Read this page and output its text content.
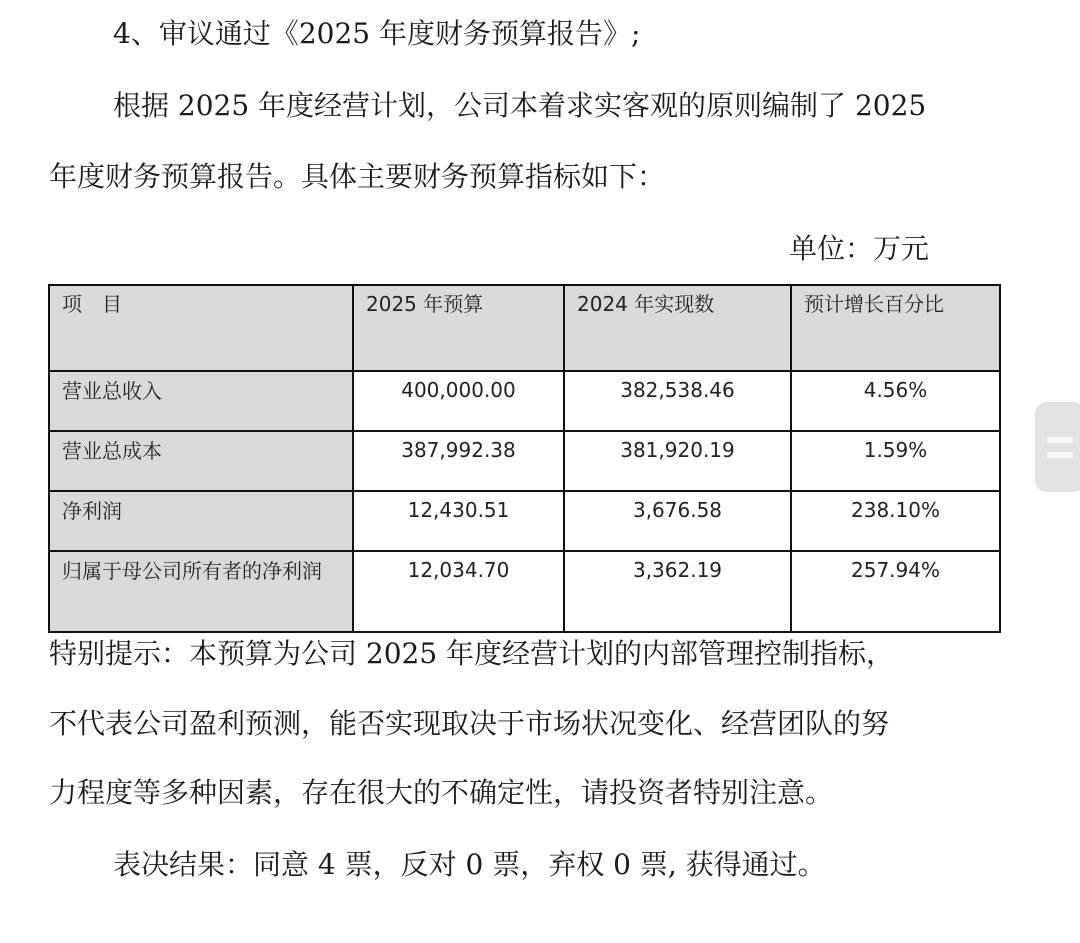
4、审议通过《2025 年度财务预算报告》;
根据 2025 年度经营计划，公司本着求实客观的原则编制了 2025
年度财务预算报告。具体主要财务预算指标如下：
单位：万元
项　目	2025 年预算	2024 年实现数	预计增长百分比
营业总收入	400,000.00	382,538.46	4.56%
营业总成本	387,992.38	381,920.19	1.59%
净利润	12,430.51	3,676.58	238.10%
归属于母公司所有者的净利润	12,034.70	3,362.19	257.94%
特别提示：本预算为公司 2025 年度经营计划的内部管理控制指标，
不代表公司盈利预测，能否实现取决于市场状况变化、经营团队的努
力程度等多种因素，存在很大的不确定性，请投资者特别注意。
表决结果：同意 4 票，反对 0 票，弃权 0 票, 获得通过。
